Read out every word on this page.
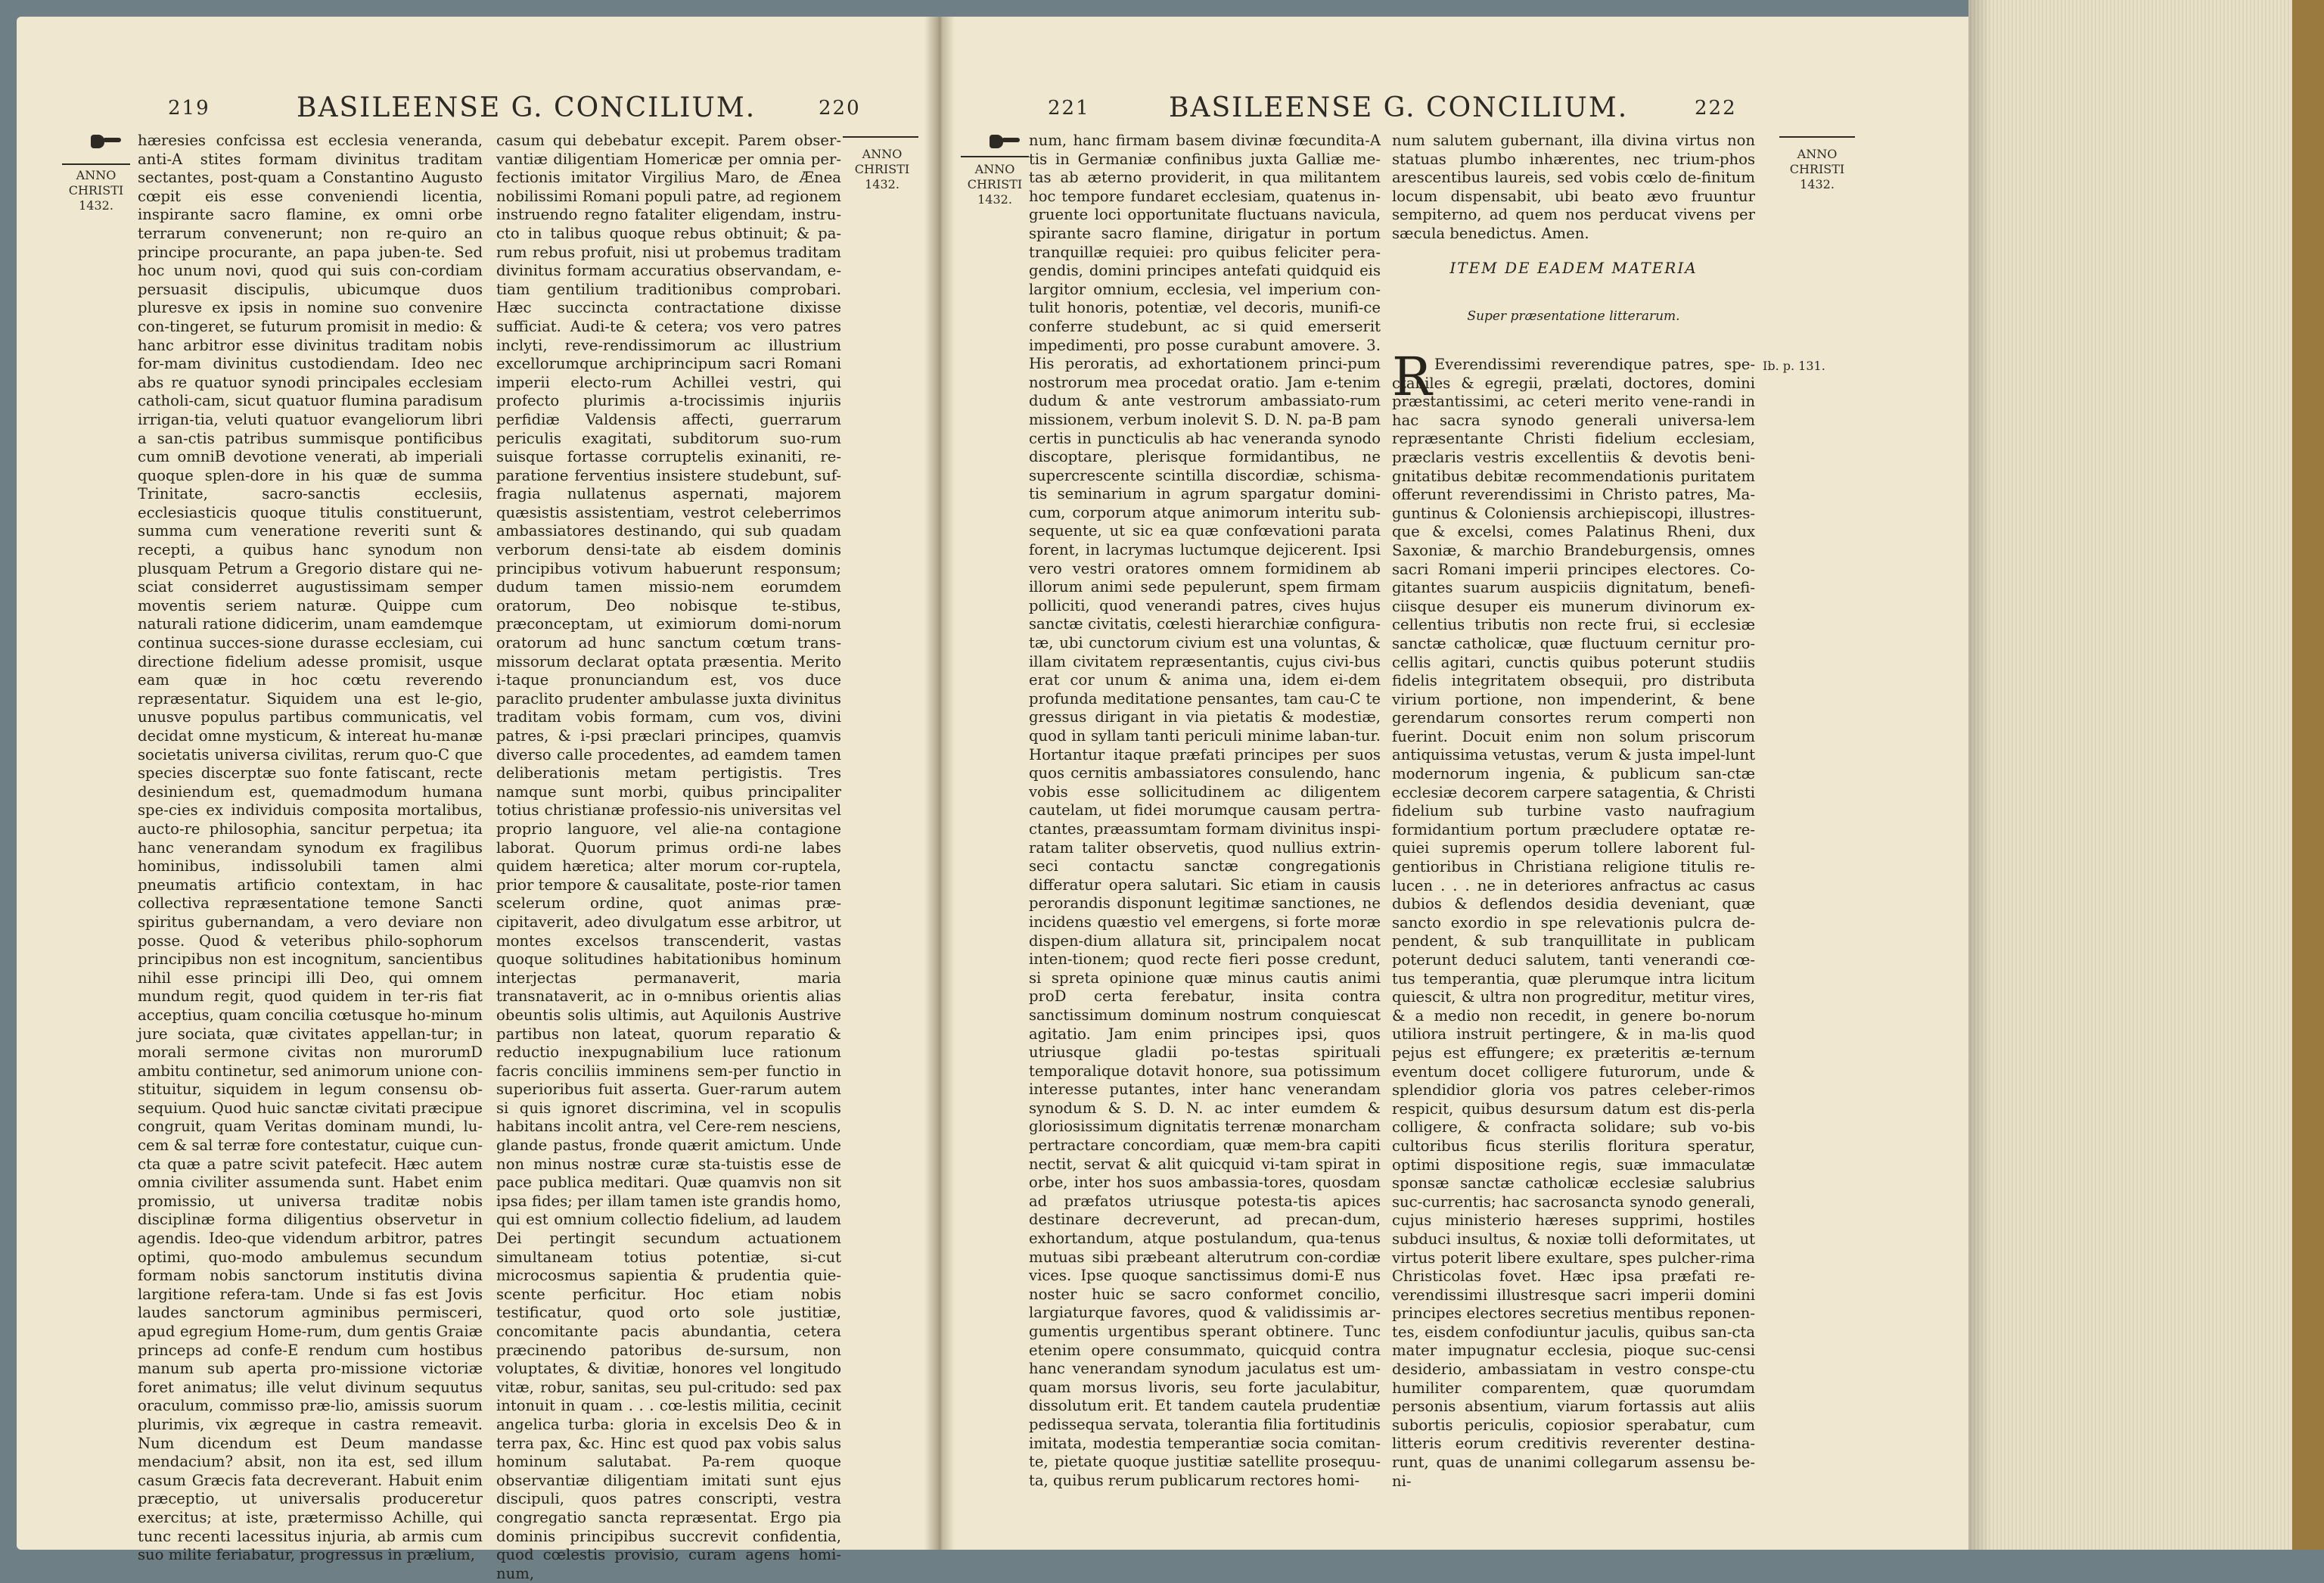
219	BASILEENSE G. CONCILIUM.	220
ANNO
CHRISTI
1432.
ANNO
CHRISTI
1432.

hæresies confcissa est ecclesia veneranda, anti-A stites formam divinitus traditam sectantes, post-quam a Constantino Augusto cœpit eis esse conveniendi licentia, inspirante sacro flamine, ex omni orbe terrarum convenerunt; non re-quiro an principe procurante, an papa juben-te. Sed hoc unum novi, quod qui suis con-cordiam persuasit discipulis, ubicumque duos pluresve ex ipsis in nomine suo convenire con-tingeret, se futurum promisit in medio: & hanc arbitror esse divinitus traditam nobis for-mam divinitus custodiendam. Ideo nec abs re quatuor synodi principales ecclesiam catholi-cam, sicut quatuor flumina paradisum irrigan-tia, veluti quatuor evangeliorum libri a san-ctis patribus summisque pontificibus cum omniB devotione venerati, ab imperiali quoque splen-dore in his quæ de summa Trinitate, sacro-sanctis ecclesiis, ecclesiasticis quoque titulis constituerunt, summa cum veneratione reveriti sunt & recepti, a quibus hanc synodum non plusquam Petrum a Gregorio distare qui ne-sciat considerret augustissimam semper moventis seriem naturæ. Quippe cum naturali ratione didicerim, unam eamdemque continua succes-sione durasse ecclesiam, cui directione fidelium adesse promisit, usque eam quæ in hoc cœtu reverendo repræsentatur. Siquidem una est le-gio, unusve populus partibus communicatis, vel decidat omne mysticum, & intereat hu-manæ societatis universa civilitas, rerum quo-C que species discerptæ suo fonte fatiscant, recte desiniendum est, quemadmodum humana spe-cies ex individuis composita mortalibus, aucto-re philosophia, sancitur perpetua; ita hanc venerandam synodum ex fragilibus hominibus, indissolubili tamen almi pneumatis artificio contextam, in hac collectiva repræsentatione temone Sancti spiritus gubernandam, a vero deviare non posse. Quod & veteribus philo-sophorum principibus non est incognitum, sancientibus nihil esse principi illi Deo, qui omnem mundum regit, quod quidem in ter-ris fiat acceptius, quam concilia cœtusque ho-minum jure sociata, quæ civitates appellan-tur; in morali sermone civitas non murorumD ambitu continetur, sed animorum unione con-stituitur, siquidem in legum consensu ob-sequium. Quod huic sanctæ civitati præcipue congruit, quam Veritas dominam mundi, lu-cem & sal terræ fore contestatur, cuique cun-cta quæ a patre scivit patefecit. Hæc autem omnia civiliter assumenda sunt. Habet enim promissio, ut universa traditæ nobis disciplinæ forma diligentius observetur in agendis. Ideo-que videndum arbitror, patres optimi, quo-modo ambulemus secundum formam nobis sanctorum institutis divina largitione refera-tam. Unde si fas est Jovis laudes sanctorum agminibus permisceri, apud egregium Home-rum, dum gentis Graiæ princeps ad confe-E rendum cum hostibus manum sub aperta pro-missione victoriæ foret animatus; ille velut divinum sequutus oraculum, commisso præ-lio, amissis suorum plurimis, vix ægreque in castra remeavit. Num dicendum est Deum mandasse mendacium? absit, non ita est, sed illum casum Græcis fata decreverant. Habuit enim præceptio, ut universalis produceretur exercitus; at iste, prætermisso Achille, qui tunc recenti lacessitus injuria, ab armis cum suo milite feriabatur, progressus in prælium,

casum qui debebatur excepit. Parem obser-vantiæ diligentiam Homericæ per omnia per-fectionis imitator Virgilius Maro, de Ænea nobilissimi Romani populi patre, ad regionem instruendo regno fataliter eligendam, instru-cto in talibus quoque rebus obtinuit; & pa-rum rebus profuit, nisi ut probemus traditam divinitus formam accuratius observandam, e-tiam gentilium traditionibus comprobari. Hæc succincta contractatione dixisse sufficiat. Audi-te & cetera; vos vero patres inclyti, reve-rendissimorum ac illustrium excellorumque archiprincipum sacri Romani imperii electo-rum Achillei vestri, qui profecto plurimis a-trocissimis injuriis perfidiæ Valdensis affecti, guerrarum periculis exagitati, subditorum suo-rum suisque fortasse corruptelis exinaniti, re-paratione ferventius insistere studebunt, suf-fragia nullatenus aspernati, majorem quæsistis assistentiam, vestrot celeberrimos ambassiatores destinando, qui sub quadam verborum densi-tate ab eisdem dominis principibus votivum habuerunt responsum; dudum tamen missio-nem eorumdem oratorum, Deo nobisque te-stibus, præconceptam, ut eximiorum domi-norum oratorum ad hunc sanctum cœtum trans-missorum declarat optata præsentia. Merito i-taque pronunciandum est, vos duce paraclito prudenter ambulasse juxta divinitus traditam vobis formam, cum vos, divini patres, & i-psi præclari principes, quamvis diverso calle procedentes, ad eamdem tamen deliberationis metam pertigistis. Tres namque sunt morbi, quibus principaliter totius christianæ professio-nis universitas vel proprio languore, vel alie-na contagione laborat. Quorum primus ordi-ne labes quidem hæretica; alter morum cor-ruptela, prior tempore & causalitate, poste-rior tamen scelerum ordine, quot animas præ-cipitaverit, adeo divulgatum esse arbitror, ut montes excelsos transcenderit, vastas quoque solitudines habitationibus hominum interjectas permanaverit, maria transnataverit, ac in o-mnibus orientis alias obeuntis solis ultimis, aut Aquilonis Austrive partibus non lateat, quorum reparatio & reductio inexpugnabilium luce rationum facris conciliis imminens sem-per functio in superioribus fuit asserta. Guer-rarum autem si quis ignoret discrimina, vel in scopulis habitans incolit antra, vel Cere-rem nesciens, glande pastus, fronde quærit amictum. Unde non minus nostræ curæ sta-tuistis esse de pace publica meditari. Quæ quamvis non sit ipsa fides; per illam tamen iste grandis homo, qui est omnium collectio fidelium, ad laudem Dei pertingit secundum actuationem simultaneam totius potentiæ, si-cut microcosmus sapientia & prudentia quie-scente perficitur. Hoc etiam nobis testificatur, quod orto sole justitiæ, concomitante pacis abundantia, cetera præcinendo patoribus de-sursum, non voluptates, & divitiæ, honores vel longitudo vitæ, robur, sanitas, seu pul-critudo: sed pax intonuit in quam . . . cœ-lestis militia, cecinit angelica turba: gloria in excelsis Deo & in terra pax, &c. Hinc est quod pax vobis salus hominum salutabat. Pa-rem quoque observantiæ diligentiam imitati sunt ejus discipuli, quos patres conscripti, vestra congregatio sancta repræsentat. Ergo pia dominis principibus succrevit confidentia, quod cœlestis provisio, curam agens homi-num,

221	BASILEENSE G. CONCILIUM.	222
ANNO
CHRISTI
1432.
ANNO
CHRISTI
1432.

num, hanc firmam basem divinæ fœcundita-A tis in Germaniæ confinibus juxta Galliæ me-tas ab æterno providerit, in qua militantem hoc tempore fundaret ecclesiam, quatenus in-gruente loci opportunitate fluctuans navicula, spirante sacro flamine, dirigatur in portum tranquillæ requiei: pro quibus feliciter pera-gendis, domini principes antefati quidquid eis largitor omnium, ecclesia, vel imperium con-tulit honoris, potentiæ, vel decoris, munifi-ce conferre studebunt, ac si quid emerserit impedimenti, pro posse curabunt amovere. 3. His peroratis, ad exhortationem princi-pum nostrorum mea procedat oratio. Jam e-tenim dudum & ante vestrorum ambassiato-rum missionem, verbum inolevit S. D. N. pa-B pam certis in puncticulis ab hac veneranda synodo discoptare, plerisque formidantibus, ne supercrescente scintilla discordiæ, schisma-tis seminarium in agrum spargatur domini-cum, corporum atque animorum interitu sub-sequente, ut sic ea quæ confœvationi parata forent, in lacrymas luctumque dejicerent. Ipsi vero vestri oratores omnem formidinem ab illorum animi sede pepulerunt, spem firmam polliciti, quod venerandi patres, cives hujus sanctæ civitatis, cœlesti hierarchiæ configura-tæ, ubi cunctorum civium est una voluntas, & illam civitatem repræsentantis, cujus civi-bus erat cor unum & anima una, idem ei-dem profunda meditatione pensantes, tam cau-C te gressus dirigant in via pietatis & modestiæ, quod in syllam tanti periculi minime laban-tur. Hortantur itaque præfati principes per suos quos cernitis ambassiatores consulendo, hanc vobis esse sollicitudinem ac diligentem cautelam, ut fidei morumque causam pertra-ctantes, præassumtam formam divinitus inspi-ratam taliter observetis, quod nullius extrin-seci contactu sanctæ congregationis differatur opera salutari. Sic etiam in causis perorandis disponunt legitimæ sanctiones, ne incidens quæstio vel emergens, si forte moræ dispen-dium allatura sit, principalem nocat inten-tionem; quod recte fieri posse credunt, si spreta opinione quæ minus cautis animi proD certa ferebatur, insita contra sanctissimum dominum nostrum conquiescat agitatio. Jam enim principes ipsi, quos utriusque gladii po-testas spirituali temporalique dotavit honore, sua potissimum interesse putantes, inter hanc venerandam synodum & S. D. N. ac inter eumdem & gloriosissimum dignitatis terrenæ monarcham pertractare concordiam, quæ mem-bra capiti nectit, servat & alit quicquid vi-tam spirat in orbe, inter hos suos ambassia-tores, quosdam ad præfatos utriusque potesta-tis apices destinare decreverunt, ad precan-dum, exhortandum, atque postulandum, qua-tenus mutuas sibi præbeant alterutrum con-cordiæ vices. Ipse quoque sanctissimus domi-E nus noster huic se sacro conformet concilio, largiaturque favores, quod & validissimis ar-gumentis urgentibus sperant obtinere. Tunc etenim opere consummato, quicquid contra hanc venerandam synodum jaculatus est um-quam morsus livoris, seu forte jaculabitur, dissolutum erit. Et tandem cautela prudentiæ pedissequa servata, tolerantia filia fortitudinis imitata, modestia temperantiæ socia comitan-te, pietate quoque justitiæ satellite prosequu-ta, quibus rerum publicarum rectores homi-

num salutem gubernant, illa divina virtus non statuas plumbo inhærentes, nec trium-phos arescentibus laureis, sed vobis cœlo de-finitum locum dispensabit, ubi beato ævo fruuntur sempiterno, ad quem nos perducat vivens per sæcula benedictus. Amen.

ITEM DE EADEM MATERIA
Super præsentatione litterarum.
R	Ib. p. 131.

Everendissimi reverendique patres, spe-ctabiles & egregii, prælati, doctores, domini præstantissimi, ac ceteri merito vene-randi in hac sacra synodo generali universa-lem repræsentante Christi fidelium ecclesiam, præclaris vestris excellentiis & devotis beni-gnitatibus debitæ recommendationis puritatem offerunt reverendissimi in Christo patres, Ma-guntinus & Coloniensis archiepiscopi, illustres-que & excelsi, comes Palatinus Rheni, dux Saxoniæ, & marchio Brandeburgensis, omnes sacri Romani imperii principes electores. Co-gitantes suarum auspiciis dignitatum, benefi-ciisque desuper eis munerum divinorum ex-cellentius tributis non recte frui, si ecclesiæ sanctæ catholicæ, quæ fluctuum cernitur pro-cellis agitari, cunctis quibus poterunt studiis fidelis integritatem obsequii, pro distributa virium portione, non impenderint, & bene gerendarum consortes rerum comperti non fuerint. Docuit enim non solum priscorum antiquissima vetustas, verum & justa impel-lunt modernorum ingenia, & publicum san-ctæ ecclesiæ decorem carpere satagentia, & Christi fidelium sub turbine vasto naufragium formidantium portum præcludere optatæ re-quiei supremis operum tollere laborent ful-gentioribus in Christiana religione titulis re-lucen . . . ne in deteriores anfractus ac casus dubios & deflendos desidia deveniant, quæ sancto exordio in spe relevationis pulcra de-pendent, & sub tranquillitate in publicam poterunt deduci salutem, tanti venerandi cœ-tus temperantia, quæ plerumque intra licitum quiescit, & ultra non progreditur, metitur vires, & a medio non recedit, in genere bo-norum utiliora instruit pertingere, & in ma-lis quod pejus est effungere; ex præteritis æ-ternum eventum docet colligere futurorum, unde & splendidior gloria vos patres celeber-rimos respicit, quibus desursum datum est dis-perla colligere, & confracta solidare; sub vo-bis cultoribus ficus sterilis floritura speratur, optimi dispositione regis, suæ immaculatæ sponsæ sanctæ catholicæ ecclesiæ salubrius suc-currentis; hac sacrosancta synodo generali, cujus ministerio hæreses supprimi, hostiles subduci insultus, & noxiæ tolli deformitates, ut virtus poterit libere exultare, spes pulcher-rima Christicolas fovet. Hæc ipsa præfati re-verendissimi illustresque sacri imperii domini principes electores secretius mentibus reponen-tes, eisdem confodiuntur jaculis, quibus san-cta mater impugnatur ecclesia, pioque suc-censi desiderio, ambassiatam in vestro conspe-ctu humiliter comparentem, quæ quorumdam personis absentium, viarum fortassis aut aliis subortis periculis, copiosior sperabatur, cum litteris eorum creditivis reverenter destina-runt, quas de unanimi collegarum assensu be-ni-
